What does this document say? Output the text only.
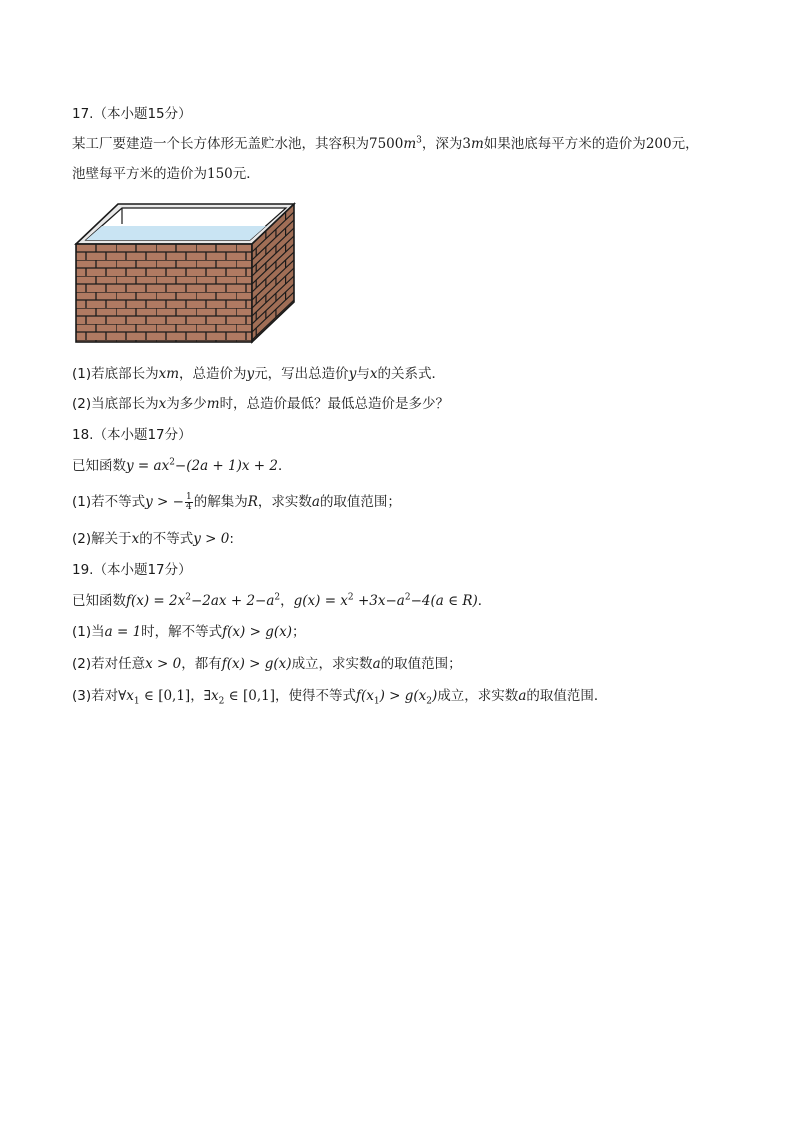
17.（本小题15分）
某工厂要建造一个长方体形无盖贮水池，其容积为$7500m^3$，深为3m如果池底每平方米的造价为200元，
池壁每平方米的造价为150元．
(1)若底部长为xm，总造价为y元，写出总造价y与x的关系式．
(2)当底部长为x为多少m时，总造价最低？最低总造价是多少？
18.（本小题17分）
已知函数$y = ax^2-(2a + 1)x + 2$．
(1)若不等式y > − $\frac{1}{4}$ 的解集为R，求实数a的取值范围；
(2)解关于x的不等式y > 0:
19.（本小题17分）
已知函数$f(x) = 2x^2-2ax + 2-a^2$，$g(x) = x^2 +3x-a^2-4(a$ ∈ R)．
(1)当a = 1时，解不等式f(x) > g(x)；
(2)若对任意x > 0，都有f(x) > g(x)成立，求实数a的取值范围；
(3)若对$\forall x_1$ ∈ [0,1]，$\exists x_2$ ∈ [0,1]，使得不等式$f(x_1) > g(x_2)$成立，求实数a的取值范围．
